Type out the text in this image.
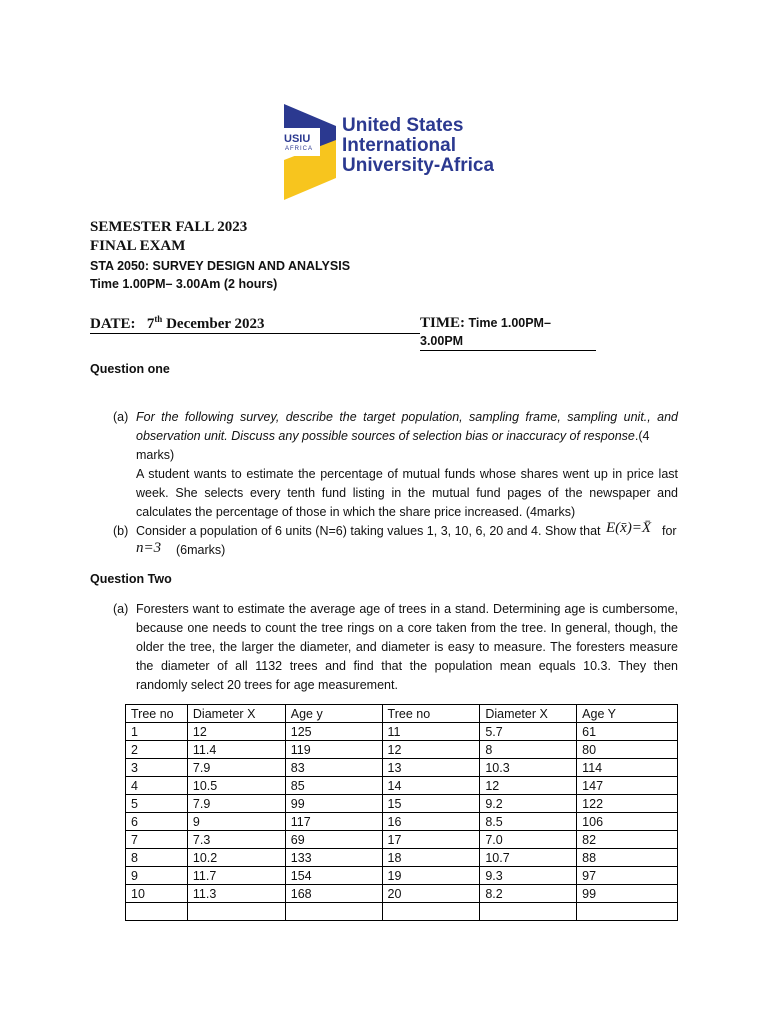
USIU
AFRICA
United States
International
University-Africa
SEMESTER FALL 2023
FINAL EXAM
STA 2050: SURVEY DESIGN AND ANALYSIS
Time 1.00PM– 3.00Am (2 hours)
DATE: 7th December 2023	TIME: Time 1.00PM– 3.00PM
Question one
(a) For the following survey, describe the target population, sampling frame, sampling unit., and
observation unit. Discuss any possible sources of selection bias or inaccuracy of response.(4
marks)
A student wants to estimate the percentage of mutual funds whose shares went up in price last
week. She selects every tenth fund listing in the mutual fund pages of the newspaper and
calculates the percentage of those in which the share price increased. (4marks)
(b) Consider a population of 6 units (N=6) taking values 1, 3, 10, 6, 20 and 4. Show that E(x̄)=X̄ for
n=3 (6marks)
Question Two
(a) Foresters want to estimate the average age of trees in a stand. Determining age is cumbersome,
because one needs to count the tree rings on a core taken from the tree. In general, though, the
older the tree, the larger the diameter, and diameter is easy to measure. The foresters measure
the diameter of all 1132 trees and find that the population mean equals 10.3. They then
randomly select 20 trees for age measurement.
Tree no	Diameter X	Age y	Tree no	Diameter X	Age Y
1	12	125	11	5.7	61
2	11.4	119	12	8	80
3	7.9	83	13	10.3	114
4	10.5	85	14	12	147
5	7.9	99	15	9.2	122
6	9	117	16	8.5	106
7	7.3	69	17	7.0	82
8	10.2	133	18	10.7	88
9	11.7	154	19	9.3	97
10	11.3	168	20	8.2	99
